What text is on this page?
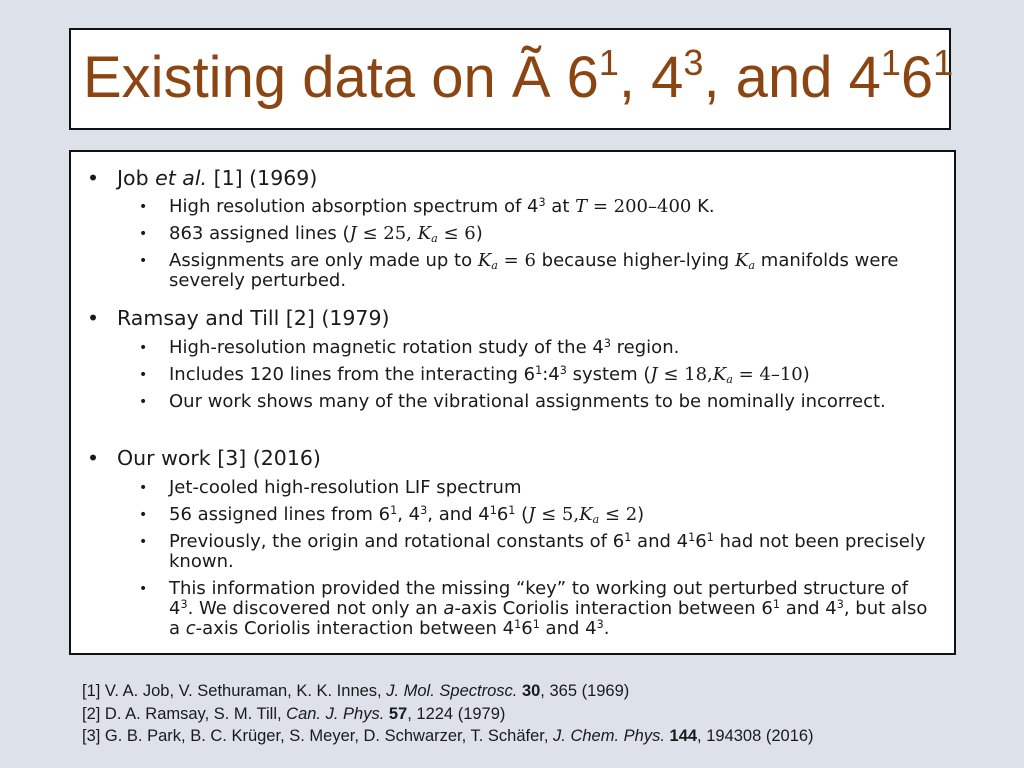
Existing data on Ã $6^1$, $4^3$, and $4^16^1$
• Job et al. [1] (1969)
• High resolution absorption spectrum of $4^3$ at T = 200–400 K.
• 863 assigned lines (J ≤ 25, $K_a \le 6$)
• Assignments are only made up to $K_a = 6$ because higher-lying $K_a$ manifolds were severely perturbed.
• Ramsay and Till [2] (1979)
• High-resolution magnetic rotation study of the $4^3$ region.
• Includes 120 lines from the interacting $6^1:4^3$ system $(J \le 18,K_a = 4-10)$
• Our work shows many of the vibrational assignments to be nominally incorrect.
• Our work [3] (2016)
• Jet-cooled high-resolution LIF spectrum
• 56 assigned lines from $6^1$, $4^3$, and $4^16^1$ $(J \le 5,K_a \le 2)$
• Previously, the origin and rotational constants of $6^1$ and $4^16^1$ had not been precisely known.
• This information provided the missing “key” to working out perturbed structure of $4^3$. We discovered not only an a-axis Coriolis interaction between $6^1$ and $4^3$, but also a c-axis Coriolis interaction between $4^16^1$ and $4^3$.
[1] V. A. Job, V. Sethuraman, K. K. Innes, J. Mol. Spectrosc. 30, 365 (1969)
[2] D. A. Ramsay, S. M. Till, Can. J. Phys. 57, 1224 (1979)
[3] G. B. Park, B. C. Krüger, S. Meyer, D. Schwarzer, T. Schäfer, J. Chem. Phys. 144, 194308 (2016)
